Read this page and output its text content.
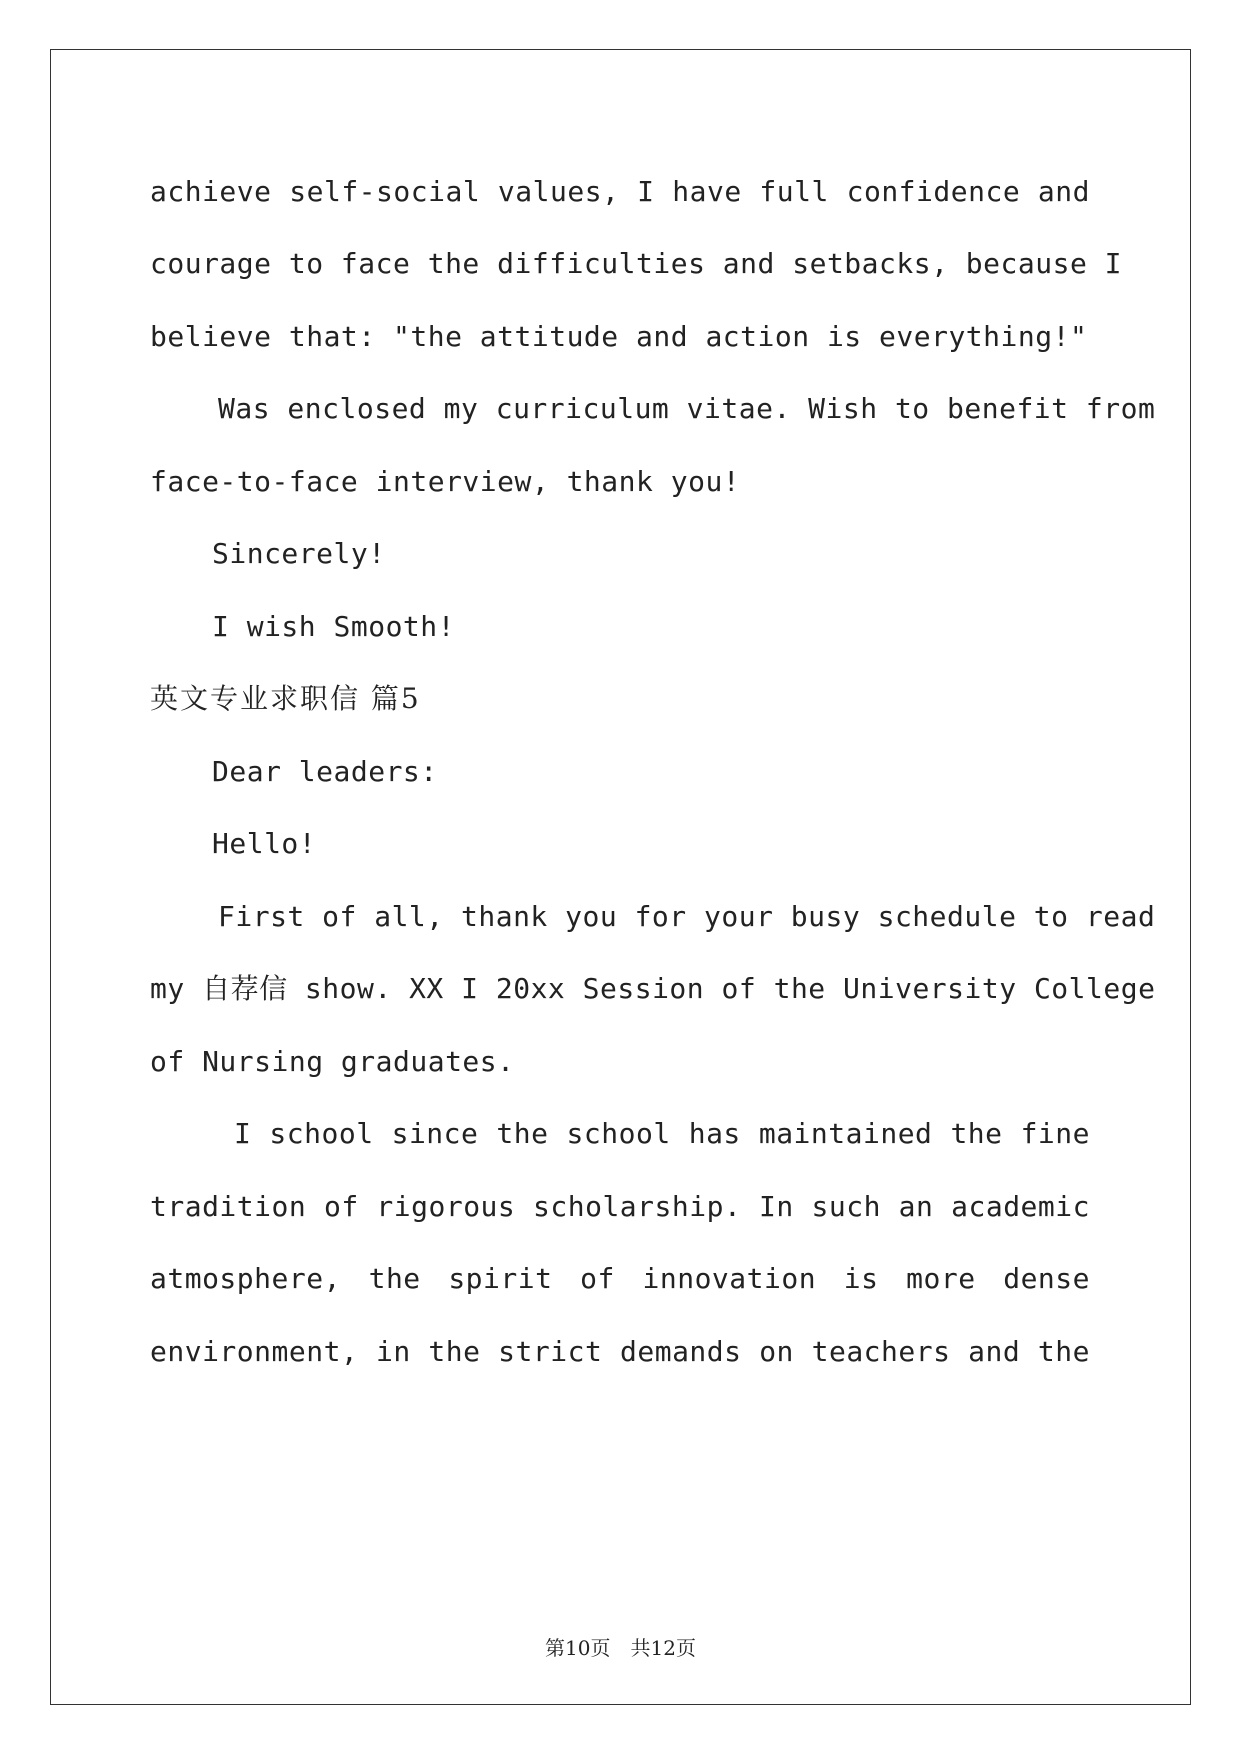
achieve self-social values, I have full confidence and
courage to face the difficulties and setbacks, because I
believe that: "the attitude and action is everything!"
Was enclosed my curriculum vitae. Wish to benefit from
face-to-face interview, thank you!
Sincerely!
I wish Smooth!
英文专业求职信 篇5
Dear leaders:
Hello!
First of all, thank you for your busy schedule to read
my 自荐信 show. XX I 20xx Session of the University College
of Nursing graduates.
I school since the school has maintained the fine
tradition of rigorous scholarship. In such an academic
atmosphere, the spirit of innovation is more dense
environment, in the strict demands on teachers and the
第10页　共12页
